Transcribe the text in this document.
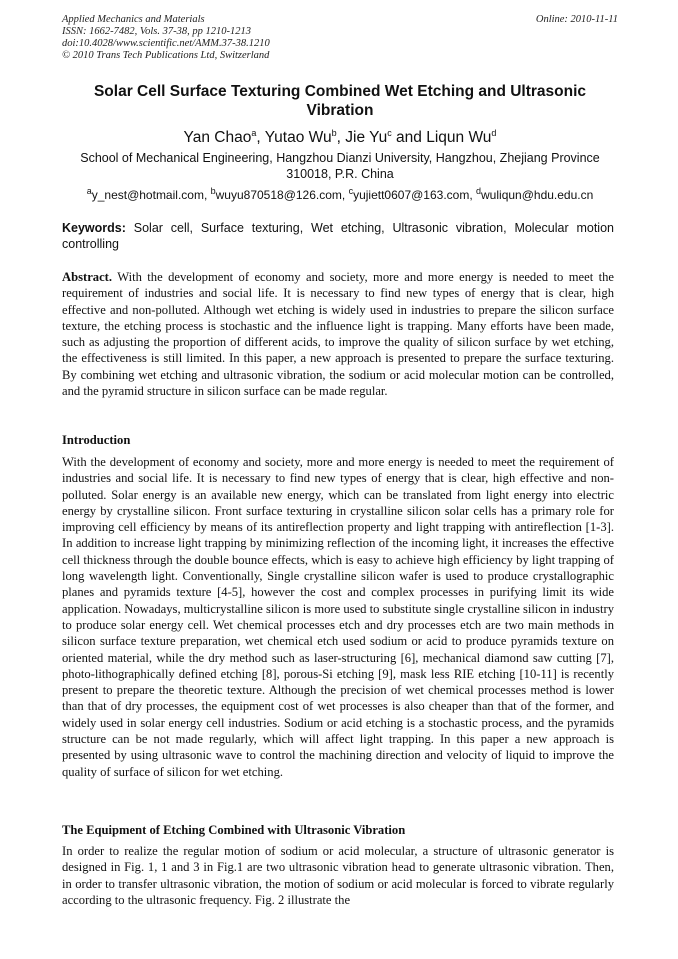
Applied Mechanics and Materials
ISSN: 1662-7482, Vols. 37-38, pp 1210-1213
doi:10.4028/www.scientific.net/AMM.37-38.1210
© 2010 Trans Tech Publications Ltd, Switzerland
Online: 2010-11-11
Solar Cell Surface Texturing Combined Wet Etching and Ultrasonic Vibration
Yan Chao$^a$, Yutao Wu$^b$, Jie Yu$^c$ and Liqun Wu$^d$
School of Mechanical Engineering, Hangzhou Dianzi University, Hangzhou, Zhejiang Province 310018, P.R. China
$^a$y_nest@hotmail.com, $^b$wuyu870518@126.com, $^c$yujiett0607@163.com, $^d$wuliqun@hdu.edu.cn
Keywords: Solar cell, Surface texturing, Wet etching, Ultrasonic vibration, Molecular motion controlling
Abstract. With the development of economy and society, more and more energy is needed to meet the requirement of industries and social life. It is necessary to find new types of energy that is clear, high effective and non-polluted. Although wet etching is widely used in industries to prepare the silicon surface texture, the etching process is stochastic and the influence light is trapping. Many efforts have been made, such as adjusting the proportion of different acids, to improve the quality of silicon surface by wet etching, the effectiveness is still limited. In this paper, a new approach is presented to prepare the surface texturing. By combining wet etching and ultrasonic vibration, the sodium or acid molecular motion can be controlled, and the pyramid structure in silicon surface can be made regular.
Introduction
With the development of economy and society, more and more energy is needed to meet the requirement of industries and social life. It is necessary to find new types of energy that is clear, high effective and non-polluted. Solar energy is an available new energy, which can be translated from light energy into electric energy by crystalline silicon. Front surface texturing in crystalline silicon solar cells has a primary role for improving cell efficiency by means of its antireflection property and light trapping with antireflection [1-3]. In addition to increase light trapping by minimizing reflection of the incoming light, it increases the effective cell thickness through the double bounce effects, which is easy to achieve high efficiency by light trapping of long wavelength light. Conventionally, Single crystalline silicon wafer is used to produce crystallographic planes and pyramids texture [4-5], however the cost and complex processes in purifying limit its wide application. Nowadays, multicrystalline silicon is more used to substitute single crystalline silicon in industry to produce solar energy cell. Wet chemical processes etch and dry processes etch are two main methods in silicon surface texture preparation, wet chemical etch used sodium or acid to produce pyramids texture on oriented material, while the dry method such as laser-structuring [6], mechanical diamond saw cutting [7], photo-lithographically defined etching [8], porous-Si etching [9], mask less RIE etching [10-11] is recently present to prepare the theoretic texture. Although the precision of wet chemical processes method is lower than that of dry processes, the equipment cost of wet processes is also cheaper than that of the former, and widely used in solar energy cell industries. Sodium or acid etching is a stochastic process, and the pyramids structure can be not made regularly, which will affect light trapping. In this paper a new approach is presented by using ultrasonic wave to control the machining direction and velocity of liquid to improve the quality of surface of silicon for wet etching.
The Equipment of Etching Combined with Ultrasonic Vibration
In order to realize the regular motion of sodium or acid molecular, a structure of ultrasonic generator is designed in Fig. 1, 1 and 3 in Fig.1 are two ultrasonic vibration head to generate ultrasonic vibration. Then, in order to transfer ultrasonic vibration, the motion of sodium or acid molecular is forced to vibrate regularly according to the ultrasonic frequency. Fig. 2 illustrate the
